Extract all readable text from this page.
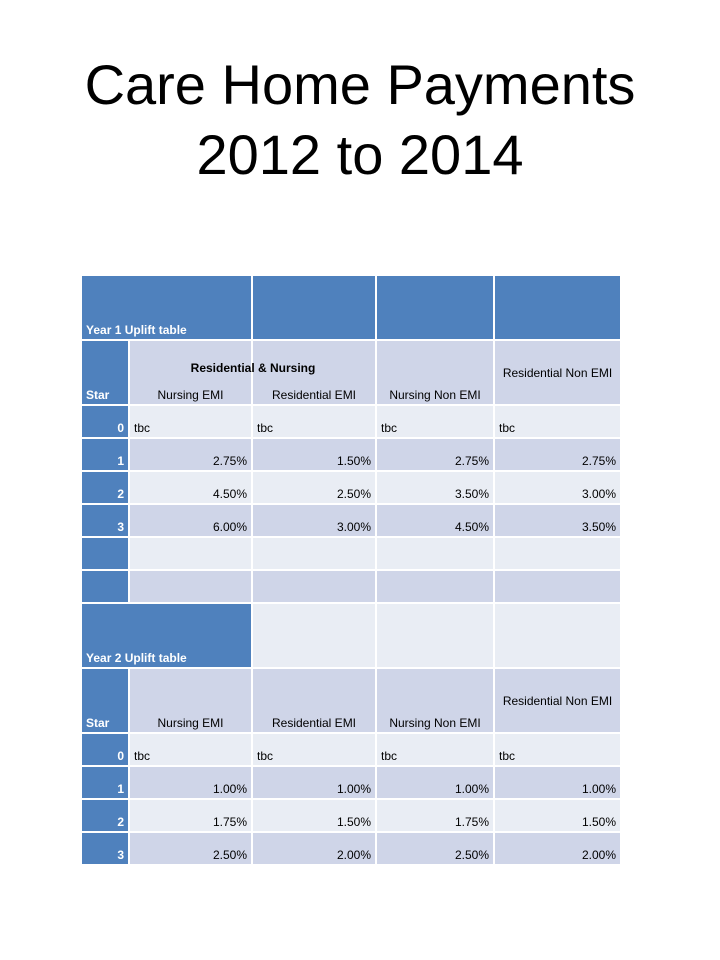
Care Home Payments
2012 to 2014
Year 1 Uplift table				
Star	Nursing EMI	Residential EMI	Nursing Non EMI	Residential Non EMI
0	tbc	tbc	tbc	tbc
1	2.75%	1.50%	2.75%	2.75%
2	4.50%	2.50%	3.50%	3.00%
3	6.00%	3.00%	4.50%	3.50%

Year 2 Uplift table				
Star	Nursing EMI	Residential EMI	Nursing Non EMI	Residential Non EMI
0	tbc	tbc	tbc	tbc
1	1.00%	1.00%	1.00%	1.00%
2	1.75%	1.50%	1.75%	1.50%
3	2.50%	2.00%	2.50%	2.00%
Residential & Nursing
